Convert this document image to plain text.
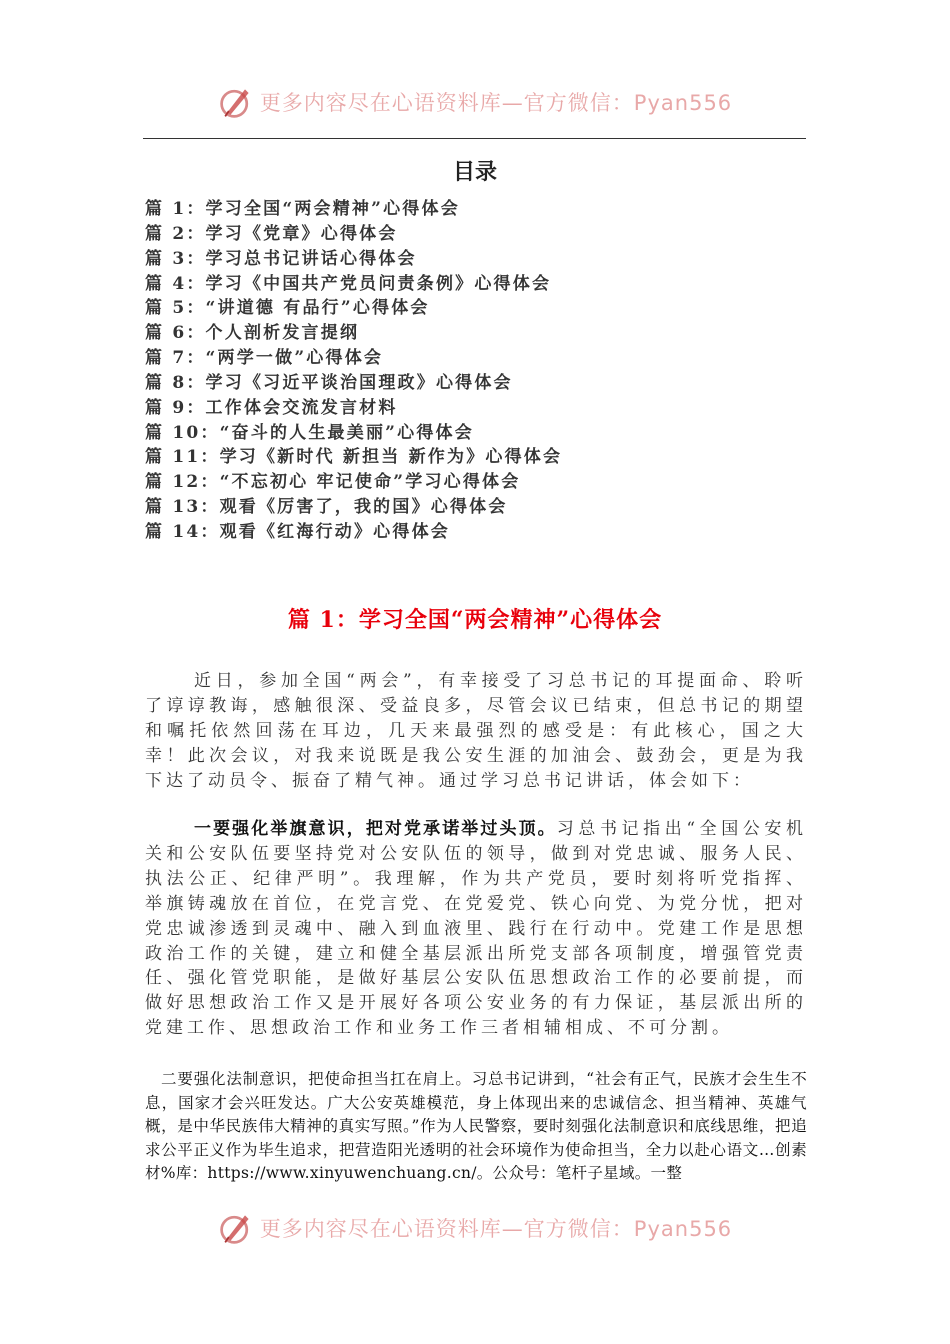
更多内容尽在心语资料库—官方微信：Pyan556
目录
篇 1：学习全国“两会精神”心得体会
篇 2：学习《党章》心得体会
篇 3：学习总书记讲话心得体会
篇 4：学习《中国共产党员问责条例》心得体会
篇 5：“讲道德 有品行”心得体会
篇 6：个人剖析发言提纲
篇 7：“两学一做”心得体会
篇 8：学习《习近平谈治国理政》心得体会
篇 9：工作体会交流发言材料
篇 10：“奋斗的人生最美丽”心得体会
篇 11：学习《新时代 新担当 新作为》心得体会
篇 12：“不忘初心 牢记使命”学习心得体会
篇 13：观看《厉害了，我的国》心得体会
篇 14：观看《红海行动》心得体会
篇 1：学习全国“两会精神”心得体会

近日，参加全国“两会”，有幸接受了习总书记的耳提面命、聆听了谆谆教诲，感触很深、受益良多，尽管会议已结束，但总书记的期望和嘱托依然回荡在耳边，几天来最强烈的感受是：有此核心，国之大幸！此次会议，对我来说既是我公安生涯的加油会、鼓劲会，更是为我下达了动员令、振奋了精气神。通过学习总书记讲话，体会如下：

一要强化举旗意识，把对党承诺举过头顶。习总书记指出“全国公安机关和公安队伍要坚持党对公安队伍的领导，做到对党忠诚、服务人民、执法公正、纪律严明”。我理解，作为共产党员，要时刻将听党指挥、举旗铸魂放在首位，在党言党、在党爱党、铁心向党、为党分忧，把对党忠诚渗透到灵魂中、融入到血液里、践行在行动中。党建工作是思想政治工作的关键，建立和健全基层派出所党支部各项制度，增强管党责任、强化管党职能，是做好基层公安队伍思想政治工作的必要前提，而做好思想政治工作又是开展好各项公安业务的有力保证，基层派出所的党建工作、思想政治工作和业务工作三者相辅相成、不可分割。

二要强化法制意识，把使命担当扛在肩上。习总书记讲到，“社会有正气，民族才会生生不息，国家才会兴旺发达。广大公安英雄模范，身上体现出来的忠诚信念、担当精神、英雄气概，是中华民族伟大精神的真实写照。”作为人民警察，要时刻强化法制意识和底线思维，把追求公平正义作为毕生追求，把营造阳光透明的社会环境作为使命担当，全力以赴心语文…创素材%库：https://www.xinyuwenchuang.cn/。公众号：笔杆子星域。一整

更多内容尽在心语资料库—官方微信：Pyan556
